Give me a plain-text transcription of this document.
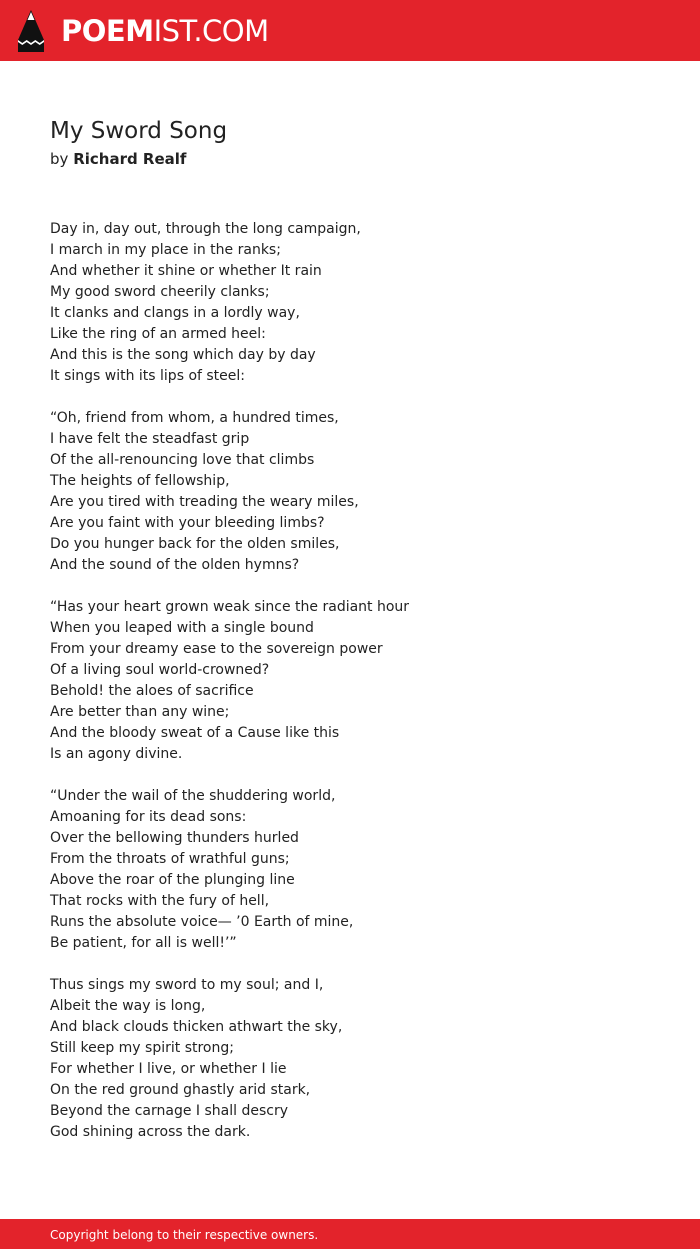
POEMIST.COM
My Sword Song
by Richard Realf
Day in, day out, through the long campaign,
I march in my place in the ranks;
And whether it shine or whether It rain
My good sword cheerily clanks;
It clanks and clangs in a lordly way,
Like the ring of an armed heel:
And this is the song which day by day
It sings with its lips of steel:
“Oh, friend from whom, a hundred times,
I have felt the steadfast grip
Of the all-renouncing love that climbs
The heights of fellowship,
Are you tired with treading the weary miles,
Are you faint with your bleeding limbs?
Do you hunger back for the olden smiles,
And the sound of the olden hymns?
“Has your heart grown weak since the radiant hour
When you leaped with a single bound
From your dreamy ease to the sovereign power
Of a living soul world-crowned?
Behold! the aloes of sacrifice
Are better than any wine;
And the bloody sweat of a Cause like this
Is an agony divine.
“Under the wail of the shuddering world,
Amoaning for its dead sons:
Over the bellowing thunders hurled
From the throats of wrathful guns;
Above the roar of the plunging line
That rocks with the fury of hell,
Runs the absolute voice— ’0 Earth of mine,
Be patient, for all is well!’”
Thus sings my sword to my soul; and I,
Albeit the way is long,
And black clouds thicken athwart the sky,
Still keep my spirit strong;
For whether I live, or whether I lie
On the red ground ghastly arid stark,
Beyond the carnage I shall descry
God shining across the dark.
Copyright belong to their respective owners.
